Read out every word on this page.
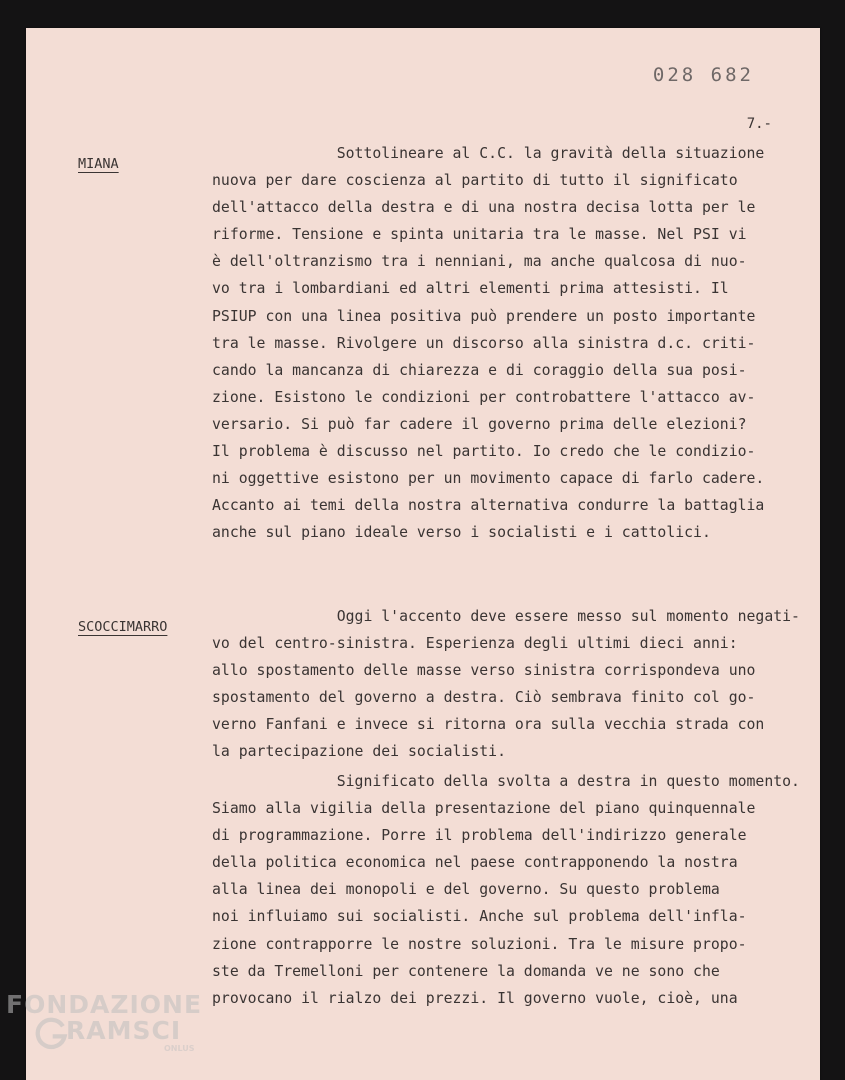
028 682
7.-
MIANA
Sottolineare al C.C. la gravità della situazione
nuova per dare coscienza al partito di tutto il significato
dell'attacco della destra e di una nostra decisa lotta per le
riforme. Tensione e spinta unitaria tra le masse. Nel PSI vi
è dell'oltranzismo tra i nenniani, ma anche qualcosa di nuo-
vo tra i lombardiani ed altri elementi prima attesisti. Il
PSIUP con una linea positiva può prendere un posto importante
tra le masse. Rivolgere un discorso alla sinistra d.c. criti-
cando la mancanza di chiarezza e di coraggio della sua posi-
zione. Esistono le condizioni per controbattere l'attacco av-
versario. Si può far cadere il governo prima delle elezioni?
Il problema è discusso nel partito. Io credo che le condizio-
ni oggettive esistono per un movimento capace di farlo cadere.
Accanto ai temi della nostra alternativa condurre la battaglia
anche sul piano ideale verso i socialisti e i cattolici.
SCOCCIMARRO
Oggi l'accento deve essere messo sul momento negati-
vo del centro-sinistra. Esperienza degli ultimi dieci anni:
allo spostamento delle masse verso sinistra corrispondeva uno
spostamento del governo a destra. Ciò sembrava finito col go-
verno Fanfani e invece si ritorna ora sulla vecchia strada con
la partecipazione dei socialisti.
Significato della svolta a destra in questo momento.
Siamo alla vigilia della presentazione del piano quinquennale
di programmazione. Porre il problema dell'indirizzo generale
della politica economica nel paese contrapponendo la nostra
alla linea dei monopoli e del governo. Su questo problema
noi influiamo sui socialisti. Anche sul problema dell'infla-
zione contrapporre le nostre soluzioni. Tra le misure propo-
ste da Tremelloni per contenere la domanda ve ne sono che
provocano il rialzo dei prezzi. Il governo vuole, cioè, una
FONDAZIONE
RAMSCI
ONLUS
